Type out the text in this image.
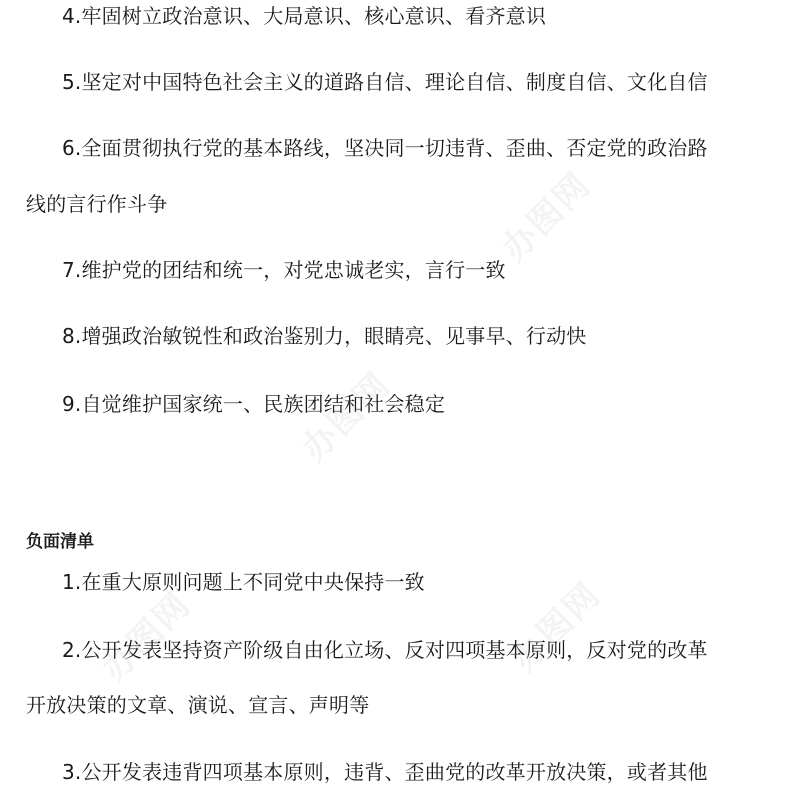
4.牢固树立政治意识、大局意识、核心意识、看齐意识
5.坚定对中国特色社会主义的道路自信、理论自信、制度自信、文化自信
6.全面贯彻执行党的基本路线，坚决同一切违背、歪曲、否定党的政治路
线的言行作斗争
7.维护党的团结和统一，对党忠诚老实，言行一致
8.增强政治敏锐性和政治鉴别力，眼睛亮、见事早、行动快
9.自觉维护国家统一、民族团结和社会稳定
负面清单
1.在重大原则问题上不同党中央保持一致
2.公开发表坚持资产阶级自由化立场、反对四项基本原则，反对党的改革
开放决策的文章、演说、宣言、声明等
3.公开发表违背四项基本原则，违背、歪曲党的改革开放决策，或者其他
办图网
办图网
办图网
办图网
